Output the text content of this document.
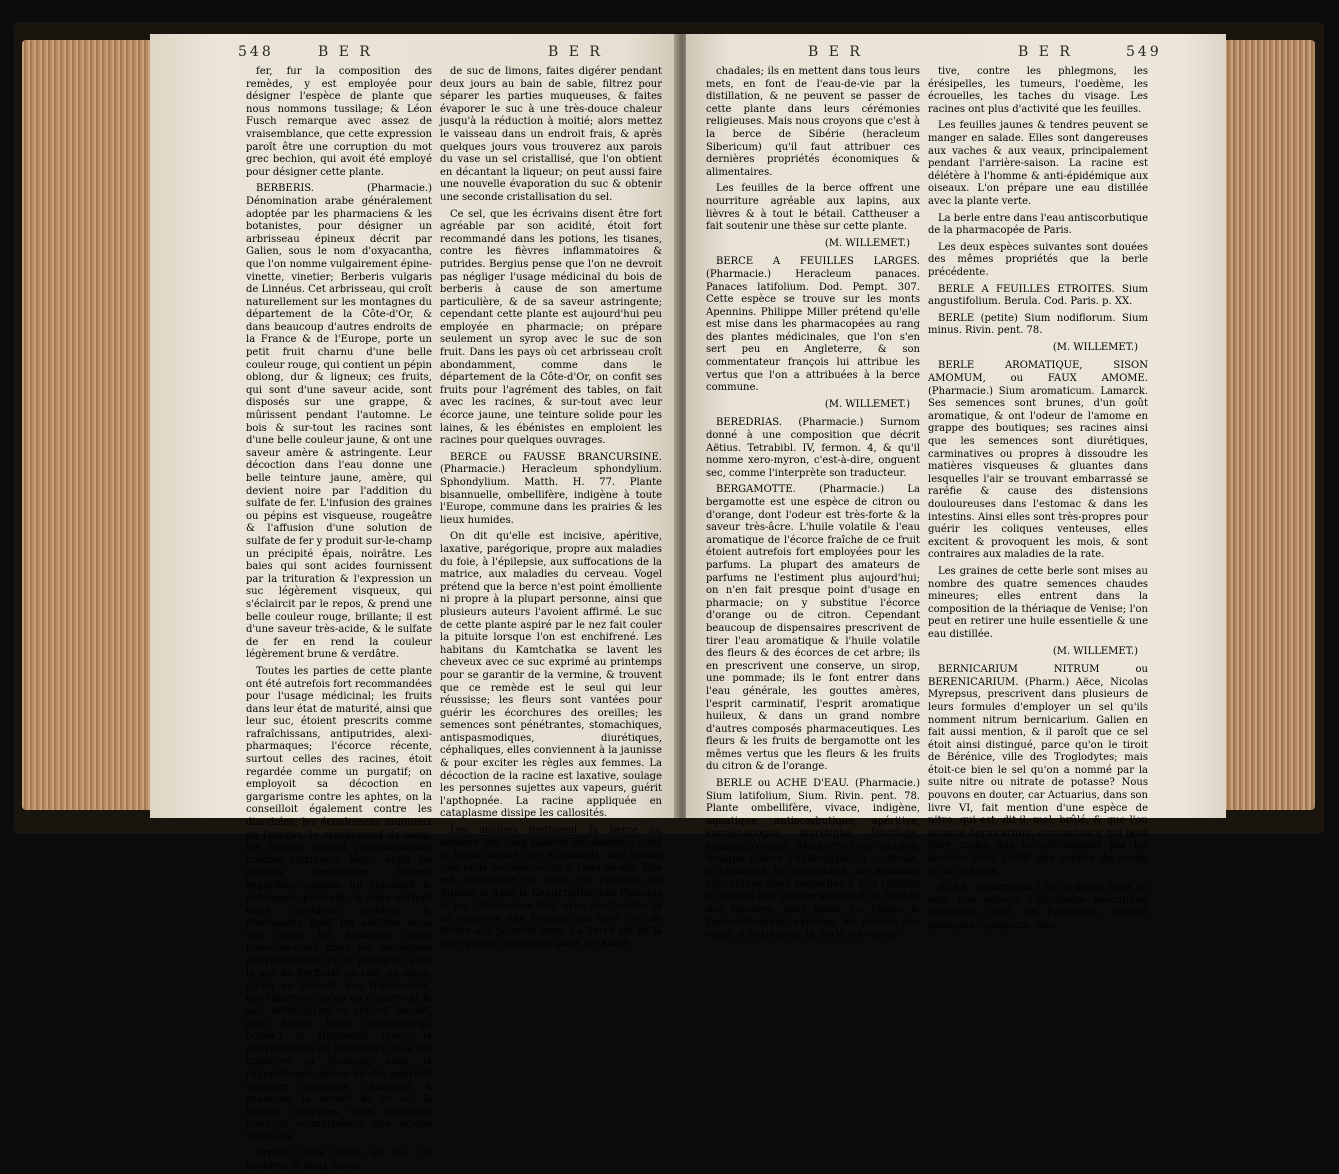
548	B E R	B E R	B E R	B E R	549

fer, fur la composition des remèdes, y est employée pour désigner l'espèce de plante que nous nommons tussilage; & Léon Fusch remarque avec assez de vraisemblance, que cette expression paroît être une corruption du mot grec bechion, qui avoit été employé pour désigner cette plante.

BERBERIS. (Pharmacie.) Dénomination arabe généralement adoptée par les pharmaciens & les botanistes, pour désigner un arbrisseau épineux décrit par Galien, sous le nom d'oxyacantha, que l'on nomme vulgairement épine-vinette, vinetier; Berberis vulgaris de Linnéus. Cet arbrisseau, qui croît naturellement sur les montagnes du département de la Côte-d'Or, & dans beaucoup d'autres endroits de la France & de l'Europe, porte un petit fruit charnu d'une belle couleur rouge, qui contient un pépin oblong, dur & ligneux; ces fruits, qui sont d'une saveur acide, sont disposés sur une grappe, & mûrissent pendant l'automne. Le bois & sur-tout les racines sont d'une belle couleur jaune, & ont une saveur amère & astringente. Leur décoction dans l'eau donne une belle teinture jaune, amère, qui devient noire par l'addition du sulfate de fer. L'infusion des graines ou pépins est visqueuse, rougeâtre & l'affusion d'une solution de sulfate de fer y produit sur-le-champ un précipité épais, noirâtre. Les baies qui sont acides fournissent par la trituration & l'expression un suc légèrement visqueux, qui s'éclaircit par le repos, & prend une belle couleur rouge, brillante; il est d'une saveur très-acide, & le sulfate de fer en rend la couleur légèrement brune & verdâtre.

Toutes les parties de cette plante ont été autrefois fort recommandées pour l'usage médicinal; les fruits dans leur état de maturité, ainsi que leur suc, étoient prescrits comme rafraîchissans, antiputrides, alexi-pharmaques; l'écorce récente, surtout celles des racines, étoit regardée comme un purgatif; on employoit sa décoction en gargarisme contre les aphtes, on la conseilloit également contre les diarrhées, les écoulemens muqueux de l'uterus, le crachement de sang; les feuilles étoient recommandées comme astringent léger, enfin les graines desséchées étoient regardées comme un roborant & astringent puissant, & elles entrent dans quelques poudres & électuaires dont les anciens nous ont laissé les formules; aussi trouvons-nous dans les anciennes pharmacopées qu'on préparoit avec le suc de berberis un rob, un sirop, qu'on en formoit des trochisques, des tablettes, qu'on en conservoit le suc, enfin qu'on en retiroit un sel, dont Simon Pauli (quadripartit. botan.) & Hoffmann (dans la pharmacopée de Schroder) nous ont conservé la formule; nous la rapporterons, parce qu'elle pourroit engager quelques chimistes à examiner la nature de ce sel & fournir quelques vues nouvelles pour la connoissance des acides végétaux.

Prenez deux livres de suc de berberis & deux onces

de suc de limons, faites digérer pendant deux jours au bain de sable, filtrez pour séparer les parties muqueuses, & faites évaporer le suc à une très-douce chaleur jusqu'à la réduction à moitié; alors mettez le vaisseau dans un endroit frais, & après quelques jours vous trouverez aux parois du vase un sel cristallisé, que l'on obtient en décantant la liqueur; on peut aussi faire une nouvelle évaporation du suc & obtenir une seconde cristallisation du sel.

Ce sel, que les écrivains disent être fort agréable par son acidité, étoit fort recommandé dans les potions, les tisanes, contre les fièvres inflammatoires & putrides. Bergius pense que l'on ne devroit pas négliger l'usage médicinal du bois de berberis à cause de son amertume particulière, & de sa saveur astringente; cependant cette plante est aujourd'hui peu employée en pharmacie; on prépare seulement un syrop avec le suc de son fruit. Dans les pays où cet arbrisseau croît abondamment, comme dans le département de la Côte-d'Or, on confit ses fruits pour l'agrément des tables, on fait avec les racines, & sur-tout avec leur écorce jaune, une teinture solide pour les laines, & les ébénistes en emploient les racines pour quelques ouvrages.

BERCE ou FAUSSE BRANCURSINE. (Pharmacie.) Heracleum sphondylium. Sphondylium. Matth. H. 77. Plante bisannuelle, ombellifère, indigène à toute l'Europe, commune dans les prairies & les lieux humides.

On dit qu'elle est incisive, apéritive, laxative, parégorique, propre aux maladies du foie, à l'épilepsie, aux suffocations de la matrice, aux maladies du cerveau. Vogel prétend que la berce n'est point émolliente ni propre à la plupart personne, ainsi que plusieurs auteurs l'avoient affirmé. Le suc de cette plante aspiré par le nez fait couler la pituite lorsque l'on est enchifrené. Les habitans du Kamtchatka se lavent les cheveux avec ce suc exprimé au printemps pour se garantir de la vermine, & trouvent que ce remède est le seul qui leur réussisse; les fleurs sont vantées pour guérir les écorchures des oreilles; les semences sont pénétrantes, stomachiques, antispasmodiques, diurétiques, céphaliques, elles conviennent à la jaunisse & pour exciter les règles aux femmes. La décoction de la racine est laxative, soulage les personnes sujettes aux vapeurs, guérit l'apthopnée. La racine appliquée en cataplasme dissipe les callosités.

Les anciens mettoient la berce au nombre des cinq plantes émollientes; c'est la branc-ursine des Allemands: elle donne une belle couleur verte à l'eau-de-vie. Elle est comestible en Italie, en Pologne, en Sibérie & dans le Kamtchatka. Les Polonois & les Lithuaniens font avec ses feuilles & sa semence une boisson qui tient lieu de bierre aux pauvres gens. La berce est de la plus grande ressource pour les Kamt-

chadales; ils en mettent dans tous leurs mets, en font de l'eau-de-vie par la distillation, & ne peuvent se passer de cette plante dans leurs cérémonies religieuses. Mais nous croyons que c'est à la berce de Sibérie (heracleum Sibericum) qu'il faut attribuer ces dernières propriétés économiques & alimentaires.

Les feuilles de la berce offrent une nourriture agréable aux lapins, aux lièvres & à tout le bétail. Cattheuser a fait soutenir une thèse sur cette plante.

(M. WILLEMET.)

BERCE A FEUILLES LARGES. (Pharmacie.) Heracleum panaces. Panaces latifolium. Dod. Pempt. 307. Cette espèce se trouve sur les monts Apennins. Philippe Miller prétend qu'elle est mise dans les pharmacopées au rang des plantes médicinales, que l'on s'en sert peu en Angleterre, & son commentateur françois lui attribue les vertus que l'on a attribuées à la berce commune.

(M. WILLEMET.)

BEREDRIAS. (Pharmacie.) Surnom donné à une composition que décrit Aëtius. Tetrabibl. IV, fermon. 4, & qu'il nomme xero-myron, c'est-à-dire, onguent sec, comme l'interprète son traducteur.

BERGAMOTTE. (Pharmacie.) La bergamotte est une espèce de citron ou d'orange, dont l'odeur est très-forte & la saveur très-âcre. L'huile volatile & l'eau aromatique de l'écorce fraîche de ce fruit étoient autrefois fort employées pour les parfums. La plupart des amateurs de parfums ne l'estiment plus aujourd'hui; on n'en fait presque point d'usage en pharmacie; on y substitue l'écorce d'orange ou de citron. Cependant beaucoup de dispensaires prescrivent de tirer l'eau aromatique & l'huile volatile des fleurs & des écorces de cet arbre; ils en prescrivent une conserve, un sirop, une pommade; ils le font entrer dans l'eau générale, les gouttes amères, l'esprit carminatif, l'esprit aromatique huileux, & dans un grand nombre d'autres composés pharmaceutiques. Les fleurs & les fruits de bergamotte ont les mêmes vertus que les fleurs & les fruits du citron & de l'orange.

BERLE ou ACHE D'EAU. (Pharmacie.) Sium latifolium, Sium. Rivin. pent. 78. Plante ombellifère, vivace, indigène, aquatique, antiscorbutique, apéritive, emménagogue, diurétique, fébrifuge, antinéphrétique, désobstructive, incisive, tonique contre l'hydropisie, la cachexie, le chlorosis, la dyssenterie, les maladies chroniques dans lesquelles il faut rétablir le ressort des parties solides & la fluidité des liquides, pour hâter les règles & l'accouchement, expulser les calculs des reins. A l'extérieur, la berle est résolu-

tive, contre les phlegmons, les érésipelles, les tumeurs, l'oedème, les écrouelles, les taches du visage. Les racines ont plus d'activité que les feuilles.

Les feuilles jaunes & tendres peuvent se manger en salade. Elles sont dangereuses aux vaches & aux veaux, principalement pendant l'arrière-saison. La racine est délétère à l'homme & anti-épidémique aux oiseaux. L'on prépare une eau distillée avec la plante verte.

La berle entre dans l'eau antiscorbutique de la pharmacopée de Paris.

Les deux espèces suivantes sont douées des mêmes propriétés que la berle précédente.

BERLE A FEUILLES ETROITES. Sium angustifolium. Berula. Cod. Paris. p. XX.

BERLE (petite) Sium nodiflorum. Sium minus. Rivin. pent. 78.

(M. WILLEMET.)

BERLE AROMATIQUE, SISON AMOMUM, ou FAUX AMOME. (Pharmacie.) Sium aromaticum. Lamarck. Ses semences sont brunes, d'un goût aromatique, & ont l'odeur de l'amome en grappe des boutiques; ses racines ainsi que les semences sont diurétiques, carminatives ou propres à dissoudre les matières visqueuses & gluantes dans lesquelles l'air se trouvant embarrassé se raréfie & cause des distensions douloureuses dans l'estomac & dans les intestins. Ainsi elles sont très-propres pour guérir les coliques venteuses, elles excitent & provoquent les mois, & sont contraires aux maladies de la rate.

Les graines de cette berle sont mises au nombre des quatre semences chaudes mineures; elles entrent dans la composition de la thériaque de Venise; l'on peut en retirer une huile essentielle & une eau distillée.

(M. WILLEMET.)

BERNICARIUM NITRUM ou BERENICARIUM. (Pharm.) Aëce, Nicolas Myrepsus, prescrivent dans plusieurs de leurs formules d'employer un sel qu'ils nomment nitrum bernicarium. Galien en fait aussi mention, & il paroît que ce sel étoit ainsi distingué, parce qu'on le tiroit de Bérénice, ville des Troglodytes; mais étoit-ce bien le sel qu'on a nommé par la suite nitre ou nitrate de potasse? Nous pouvons en douter, car Actuarius, dans son livre VI, fait mention d'une espèce de nitre, qui est, dit-il, mol, brûlé, & que l'on nomme bernicarium, circonstance qui peut faire croire que ce sel désigné par les anciens étoit plutôt une espèce de soude ou de potasse.

BERS. (Pharmacie.) On a décrit sous ce nom une espèce d'électuaire narcotique stimulant, dont les Egyptiens, suivant quelques voyageurs, font
